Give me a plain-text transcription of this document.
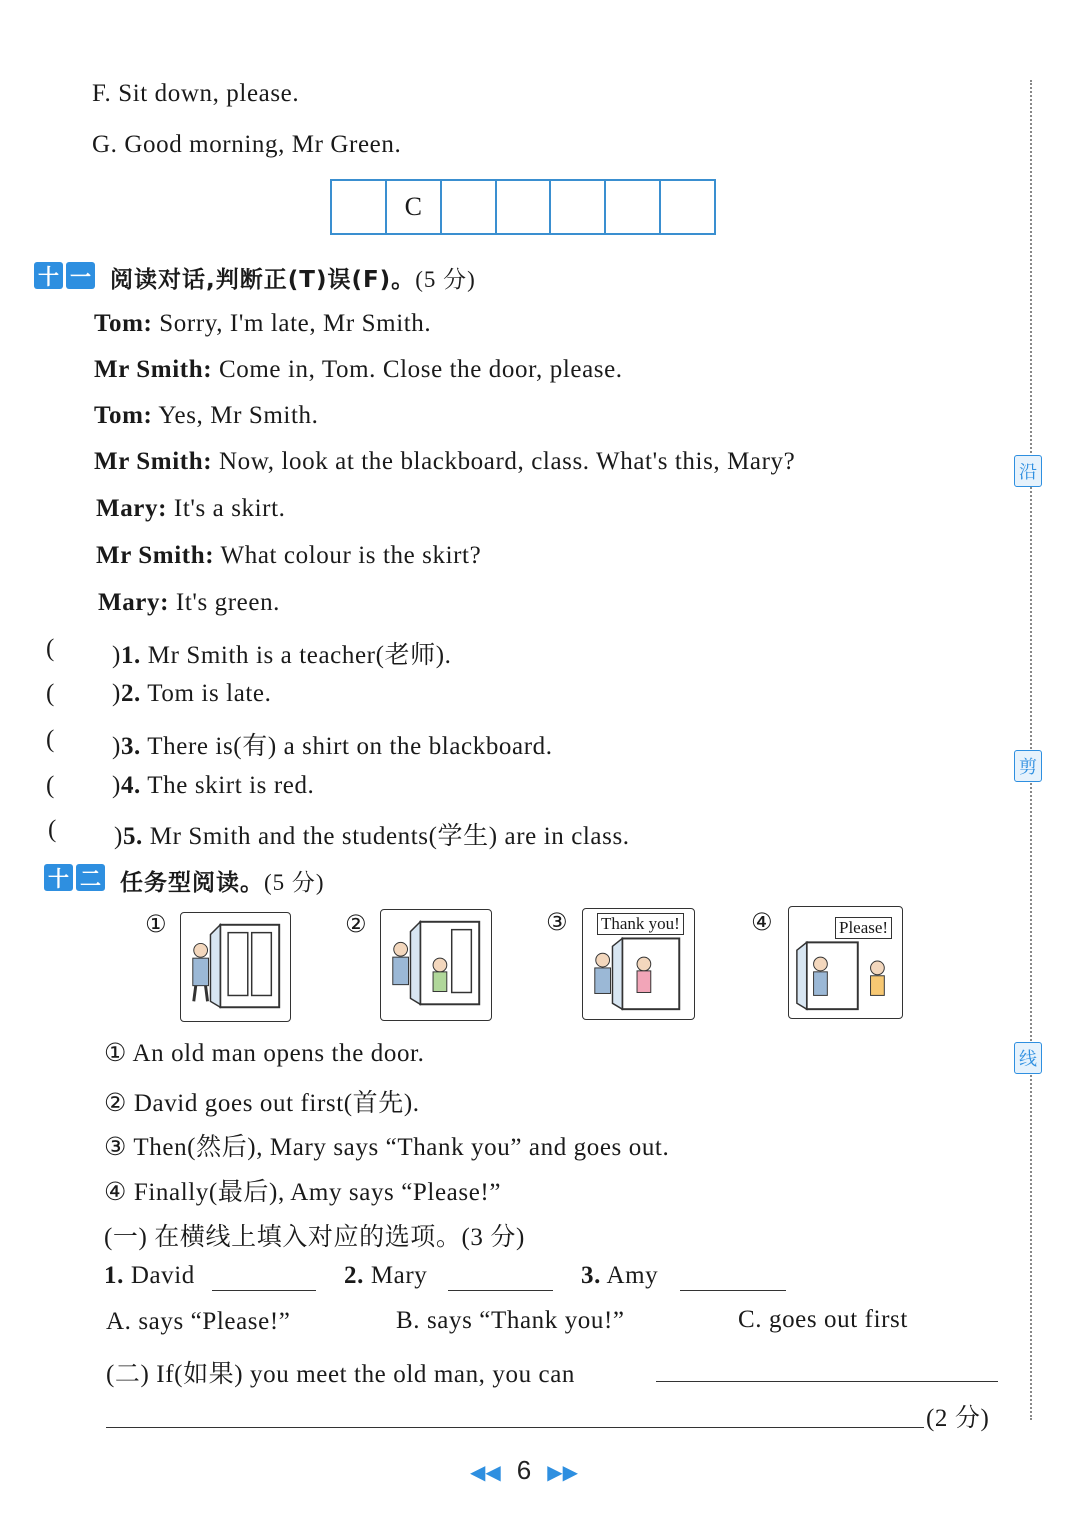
F. Sit down, please.
G. Good morning, Mr Green.
C
十 一 阅读对话,判断正(T)误(F)。(5 分)
Tom: Sorry, I'm late, Mr Smith.
Mr Smith: Come in, Tom. Close the door, please.
Tom: Yes, Mr Smith.
Mr Smith: Now, look at the blackboard, class. What's this, Mary?
Mary: It's a skirt.
Mr Smith: What colour is the skirt?
Mary: It's green.
( )1. Mr Smith is a teacher(老师).
( )2. Tom is late.
( )3. There is(有) a shirt on the blackboard.
( )4. The skirt is red.
( )5. Mr Smith and the students(学生) are in class.
十 二 任务型阅读。(5 分)
①	②	③ Thank you!	④	Please!
① An old man opens the door.
② David goes out first(首先).
③ Then(然后), Mary says “Thank you” and goes out.
④ Finally(最后), Amy says “Please!”
(一) 在横线上填入对应的选项。(3 分)
1. David	2. Mary	3. Amy
A. says “Please!”	B. says “Thank you!”	C. goes out first
(二) If(如果) you meet the old man, you can
(2 分)
沿
剪
线
◀◀ 6 ▶▶
